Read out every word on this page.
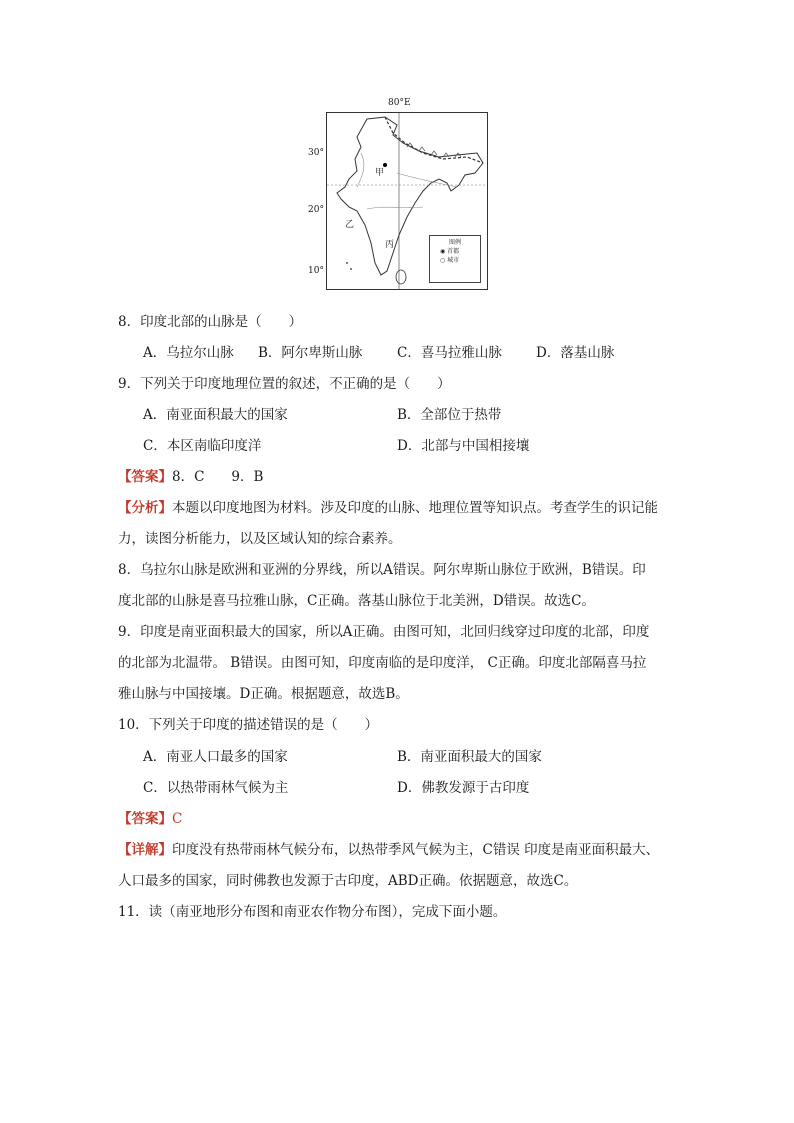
80°E
30°
20°
10°
甲
乙
丙	图例
◉ 首都
○ 城市
8．印度北部的山脉是（　　）
A．乌拉尔山脉 B．阿尔卑斯山脉	C．喜马拉雅山脉	D．落基山脉
9．下列关于印度地理位置的叙述，不正确的是（　　）
A．南亚面积最大的国家	B．全部位于热带
C．本区南临印度洋	D．北部与中国相接壤
【答案】8．C　　9．B
【分析】本题以印度地图为材料。涉及印度的山脉、地理位置等知识点。考查学生的识记能
力，读图分析能力，以及区域认知的综合素养。
8．乌拉尔山脉是欧洲和亚洲的分界线，所以A错误。阿尔卑斯山脉位于欧洲，B错误。印
度北部的山脉是喜马拉雅山脉，C正确。落基山脉位于北美洲，D错误。故选C。
9．印度是南亚面积最大的国家，所以A正确。由图可知，北回归线穿过印度的北部，印度
的北部为北温带。 B错误。由图可知，印度南临的是印度洋， C正确。印度北部隔喜马拉
雅山脉与中国接壤。D正确。根据题意，故选B。
10．下列关于印度的描述错误的是（　　）
A．南亚人口最多的国家	B．南亚面积最大的国家
C．以热带雨林气候为主	D．佛教发源于古印度
【答案】C
【详解】印度没有热带雨林气候分布，以热带季风气候为主，C错误 印度是南亚面积最大、
人口最多的国家，同时佛教也发源于古印度，ABD正确。依据题意，故选C。
11．读（南亚地形分布图和南亚农作物分布图），完成下面小题。
